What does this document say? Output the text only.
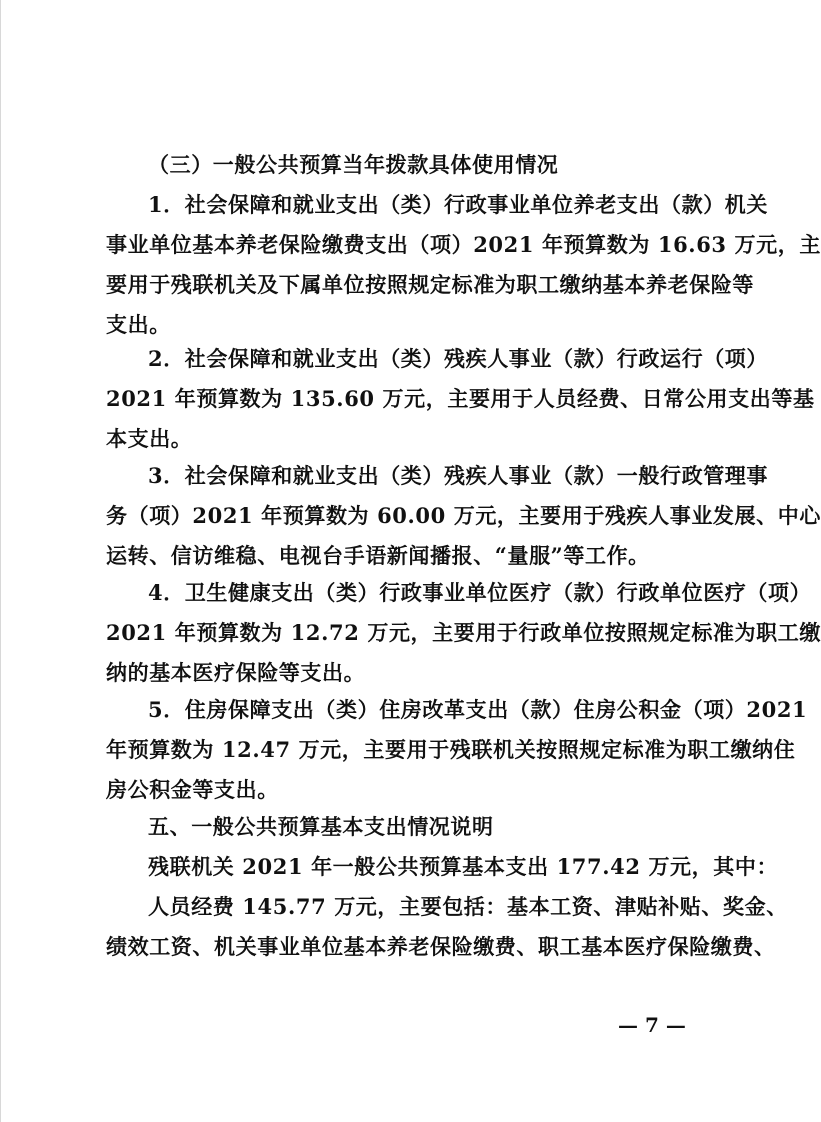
（三）一般公共预算当年拨款具体使用情况

1．社会保障和就业支出（类）行政事业单位养老支出（款）机关
事业单位基本养老保险缴费支出（项）2021 年预算数为 16.63 万元，主
要用于残联机关及下属单位按照规定标准为职工缴纳基本养老保险等
支出。

2．社会保障和就业支出（类）残疾人事业（款）行政运行（项）
2021 年预算数为 135.60 万元，主要用于人员经费、日常公用支出等基
本支出。

3．社会保障和就业支出（类）残疾人事业（款）一般行政管理事
务（项）2021 年预算数为 60.00 万元，主要用于残疾人事业发展、中心
运转、信访维稳、电视台手语新闻播报、“量服”等工作。

4．卫生健康支出（类）行政事业单位医疗（款）行政单位医疗（项）
2021 年预算数为 12.72 万元，主要用于行政单位按照规定标准为职工缴
纳的基本医疗保险等支出。

5．住房保障支出（类）住房改革支出（款）住房公积金（项）2021
年预算数为 12.47 万元，主要用于残联机关按照规定标准为职工缴纳住
房公积金等支出。

五、一般公共预算基本支出情况说明

残联机关 2021 年一般公共预算基本支出 177.42 万元，其中：

人员经费 145.77 万元，主要包括：基本工资、津贴补贴、奖金、
绩效工资、机关事业单位基本养老保险缴费、职工基本医疗保险缴费、

— 7 —
